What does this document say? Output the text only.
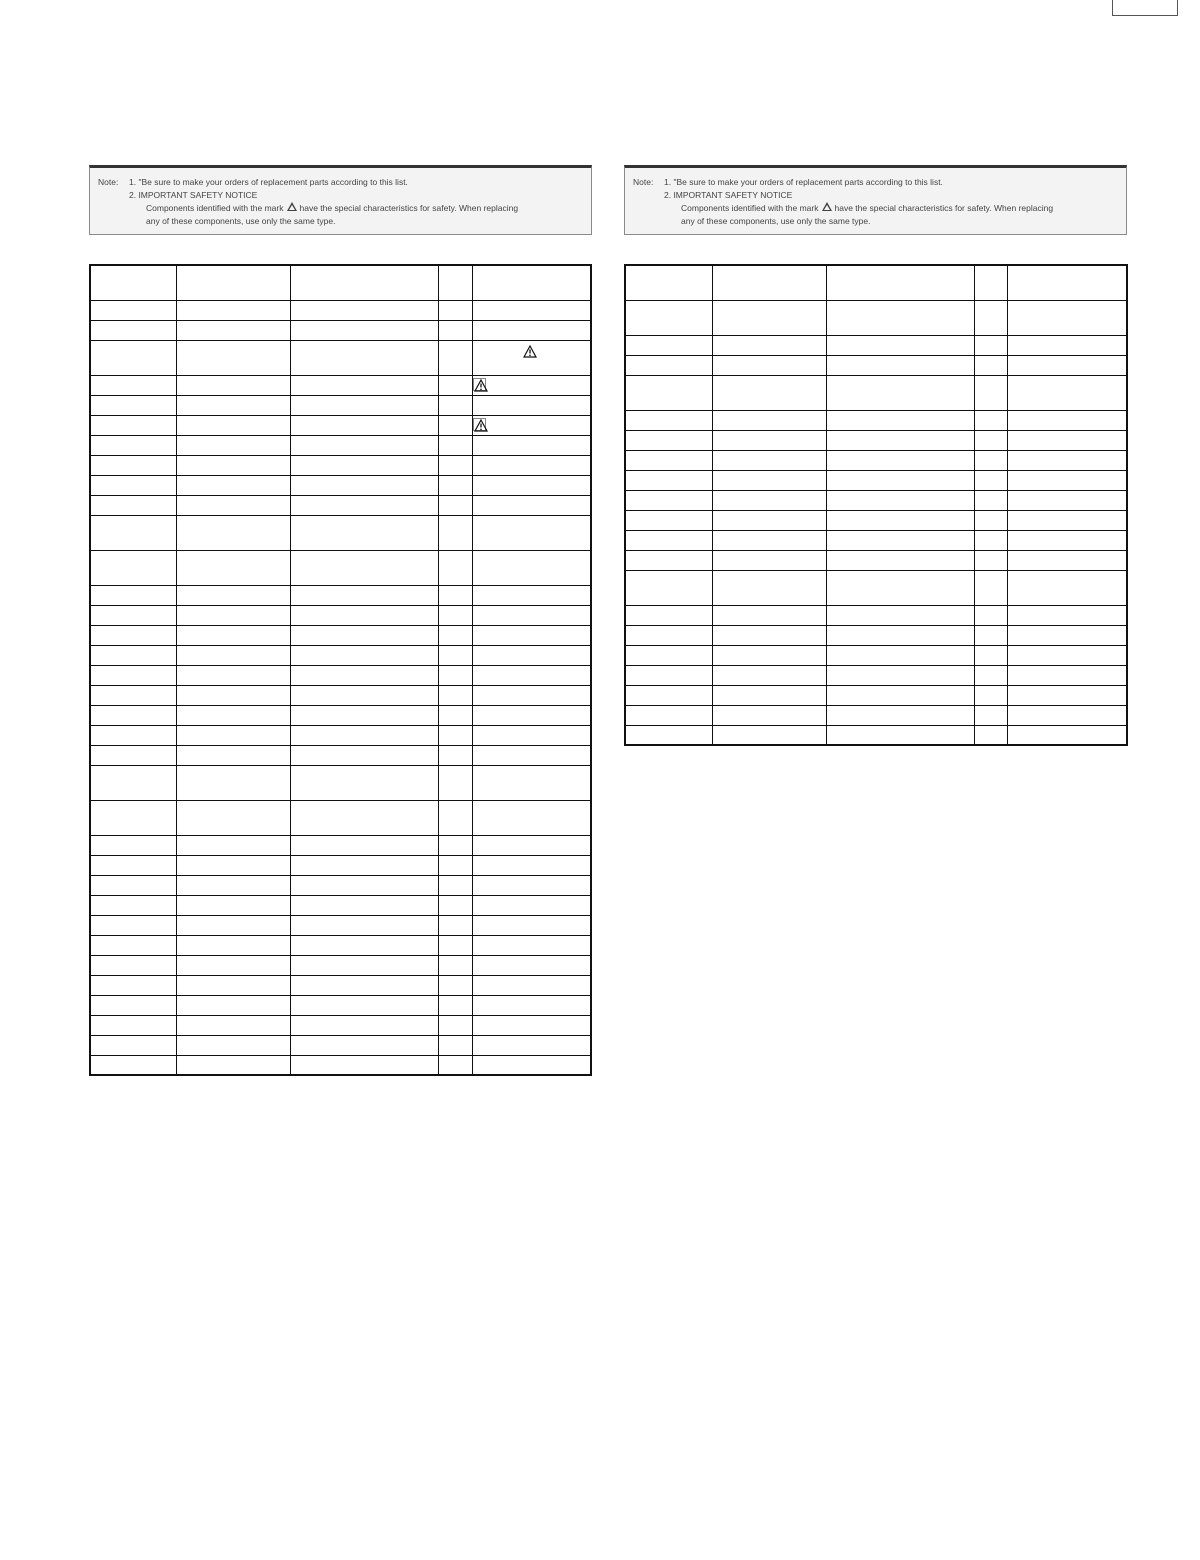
Note:	1. "Be sure to make your orders of replacement parts according to this list.
2. IMPORTANT SAFETY NOTICE
Components identified with the mark have the special characteristics for safety. When replacing
any of these components, use only the same type.
Note:	1. "Be sure to make your orders of replacement parts according to this list.
2. IMPORTANT SAFETY NOTICE
Components identified with the mark have the special characteristics for safety. When replacing
any of these components, use only the same type.
